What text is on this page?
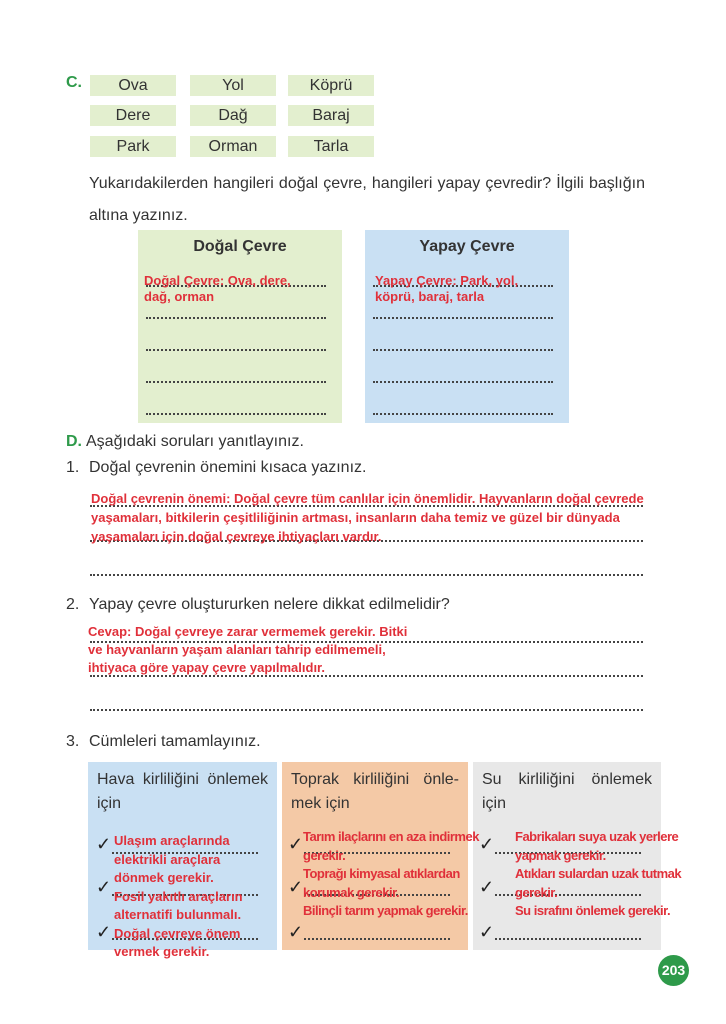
C.	Ova	Yol	Köprü
Dere	Dağ	Baraj
Park	Orman	Tarla
Yukarıdakilerden hangileri doğal çevre, hangileri yapay çevredir? İlgili başlığın altına yazınız.
Doğal Çevre
Doğal Çevre: Ova, dere,
dağ, orman
Yapay Çevre
Yapay Çevre: Park, yol,
köprü, baraj, tarla
D. Aşağıdaki soruları yanıtlayınız.
1. Doğal çevrenin önemini kısaca yazınız.
Doğal çevrenin önemi: Doğal çevre tüm canlılar için önemlidir. Hayvanların doğal çevrede
yaşamaları, bitkilerin çeşitliliğinin artması, insanların daha temiz ve güzel bir dünyada
yaşamaları için doğal çevreye ihtiyaçları vardır.
2. Yapay çevre oluştururken nelere dikkat edilmelidir?
Cevap: Doğal çevreye zarar vermemek gerekir. Bitki
ve hayvanların yaşam alanları tahrip edilmemeli,
ihtiyaca göre yapay çevre yapılmalıdır.
3. Cümleleri tamamlayınız.
Hava kirliliğini önlemek için
✓
✓
✓
Ulaşım araçlarında
elektrikli araçlara
dönmek gerekir.
Fosil yakıtlı araçların
alternatifi bulunmalı.
Doğal çevreye önem
vermek gerekir.
Toprak kirliliğini önle-mek için
✓
✓
✓
Tarım ilaçlarını en aza indirmek
gerekir.
Toprağı kimyasal atıklardan
korumak gerekir.
Bilinçli tarım yapmak gerekir.
Su kirliliğini önlemek için
✓
✓
✓
Fabrikaları suya uzak yerlere
yapmak gerekir.
Atıkları sulardan uzak tutmak
gerekir.
Su israfını önlemek gerekir.
203
